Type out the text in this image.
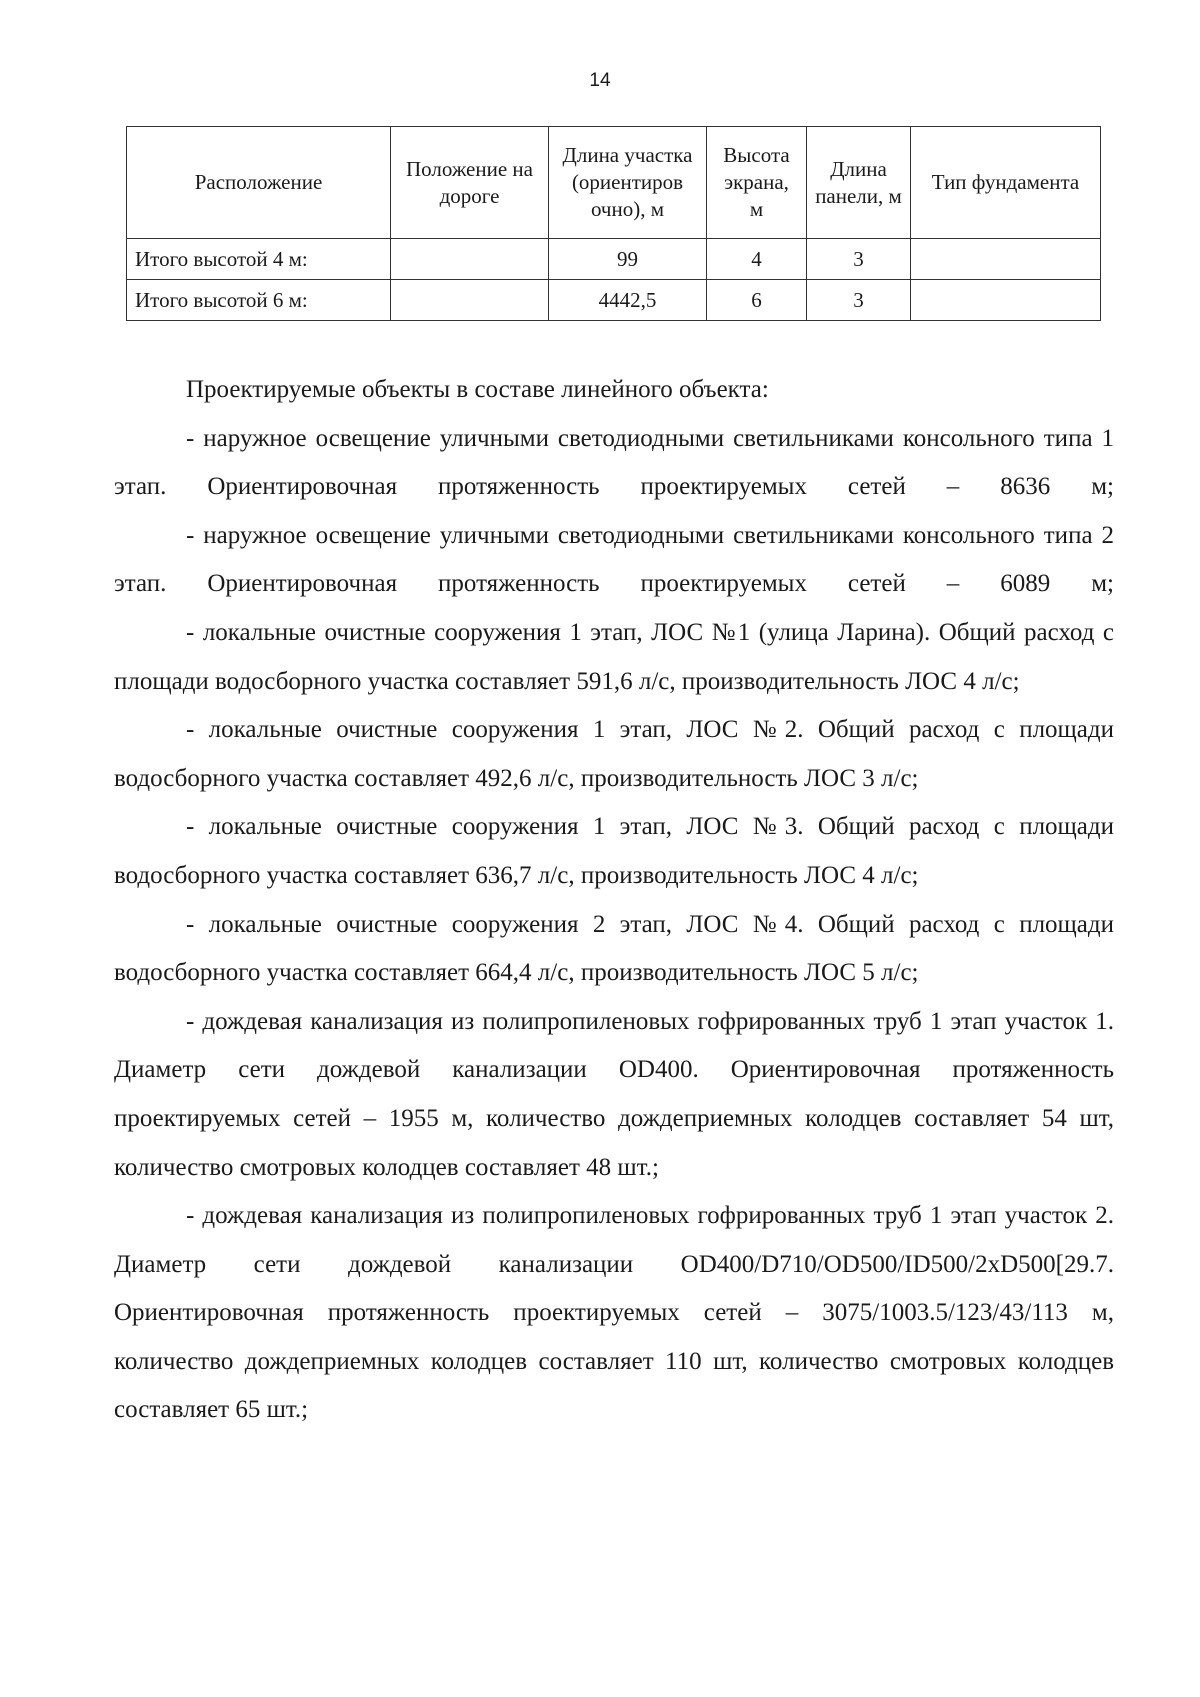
14
Расположение	Положение на дороге	Длина участка (ориентиров очно), м	Высота экрана, м	Длина панели, м	Тип фундамента
Итого высотой 4 м:		99	4	3	
Итого высотой 6 м:		4442,5	6	3	

Проектируемые объекты в составе линейного объекта:

- наружное освещение уличными светодиодными светильниками консольного типа 1 этап. Ориентировочная протяженность проектируемых сетей – 8636 м;

- наружное освещение уличными светодиодными светильниками консольного типа 2 этап. Ориентировочная протяженность проектируемых сетей – 6089 м;

- локальные очистные сооружения 1 этап, ЛОС №1 (улица Ларина). Общий расход с площади водосборного участка составляет 591,6 л/с, производительность ЛОС 4 л/с;

- локальные очистные сооружения 1 этап, ЛОС №2. Общий расход с площади водосборного участка составляет 492,6 л/с, производительность ЛОС 3 л/с;

- локальные очистные сооружения 1 этап, ЛОС №3. Общий расход с площади водосборного участка составляет 636,7 л/с, производительность ЛОС 4 л/с;

- локальные очистные сооружения 2 этап, ЛОС №4. Общий расход с площади водосборного участка составляет 664,4 л/с, производительность ЛОС 5 л/с;

- дождевая канализация из полипропиленовых гофрированных труб 1 этап участок 1. Диаметр сети дождевой канализации OD400. Ориентировочная протяженность проектируемых сетей – 1955 м, количество дождеприемных колодцев составляет 54 шт, количество смотровых колодцев составляет 48 шт.;

- дождевая канализация из полипропиленовых гофрированных труб 1 этап участок 2. Диаметр сети дождевой канализации OD400/D710/OD500/ID500/2xD500[29.7. Ориентировочная протяженность проектируемых сетей – 3075/1003.5/123/43/113 м, количество дождеприемных колодцев составляет 110 шт, количество смотровых колодцев составляет 65 шт.;
